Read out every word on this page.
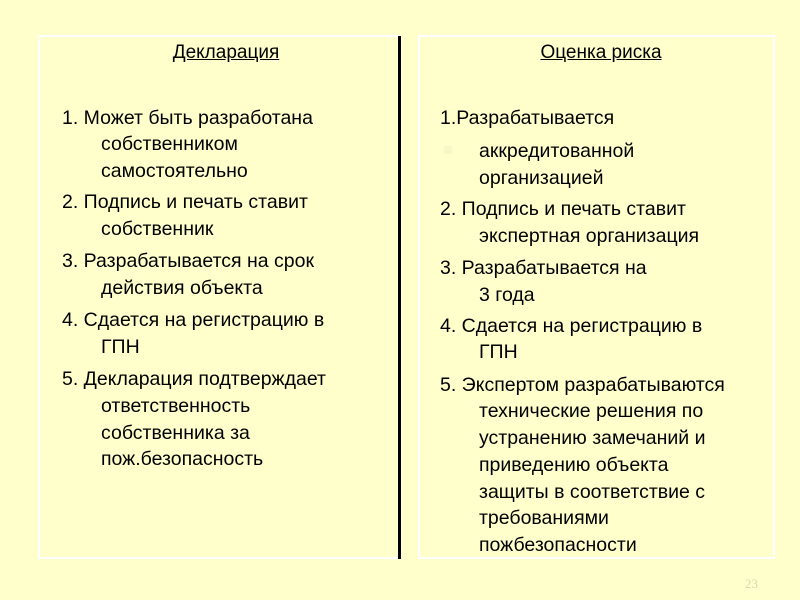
Декларация	Оценка риска
1. Может быть разработана
собственником
самостоятельно
2. Подпись и печать ставит
собственник
3. Разрабатывается на срок
действия объекта
4. Сдается на регистрацию в
ГПН
5. Декларация подтверждает
ответственность
собственника за
пож.безопасность
1.Разрабатывается
аккредитованной
организацией
2. Подпись и печать ставит
экспертная организация
3. Разрабатывается на
3 года
4. Сдается на регистрацию в
ГПН
5. Экспертом разрабатываются
технические решения по
устранению замечаний и
приведению объекта
защиты в соответствие с
требованиями
пожбезопасности
23
